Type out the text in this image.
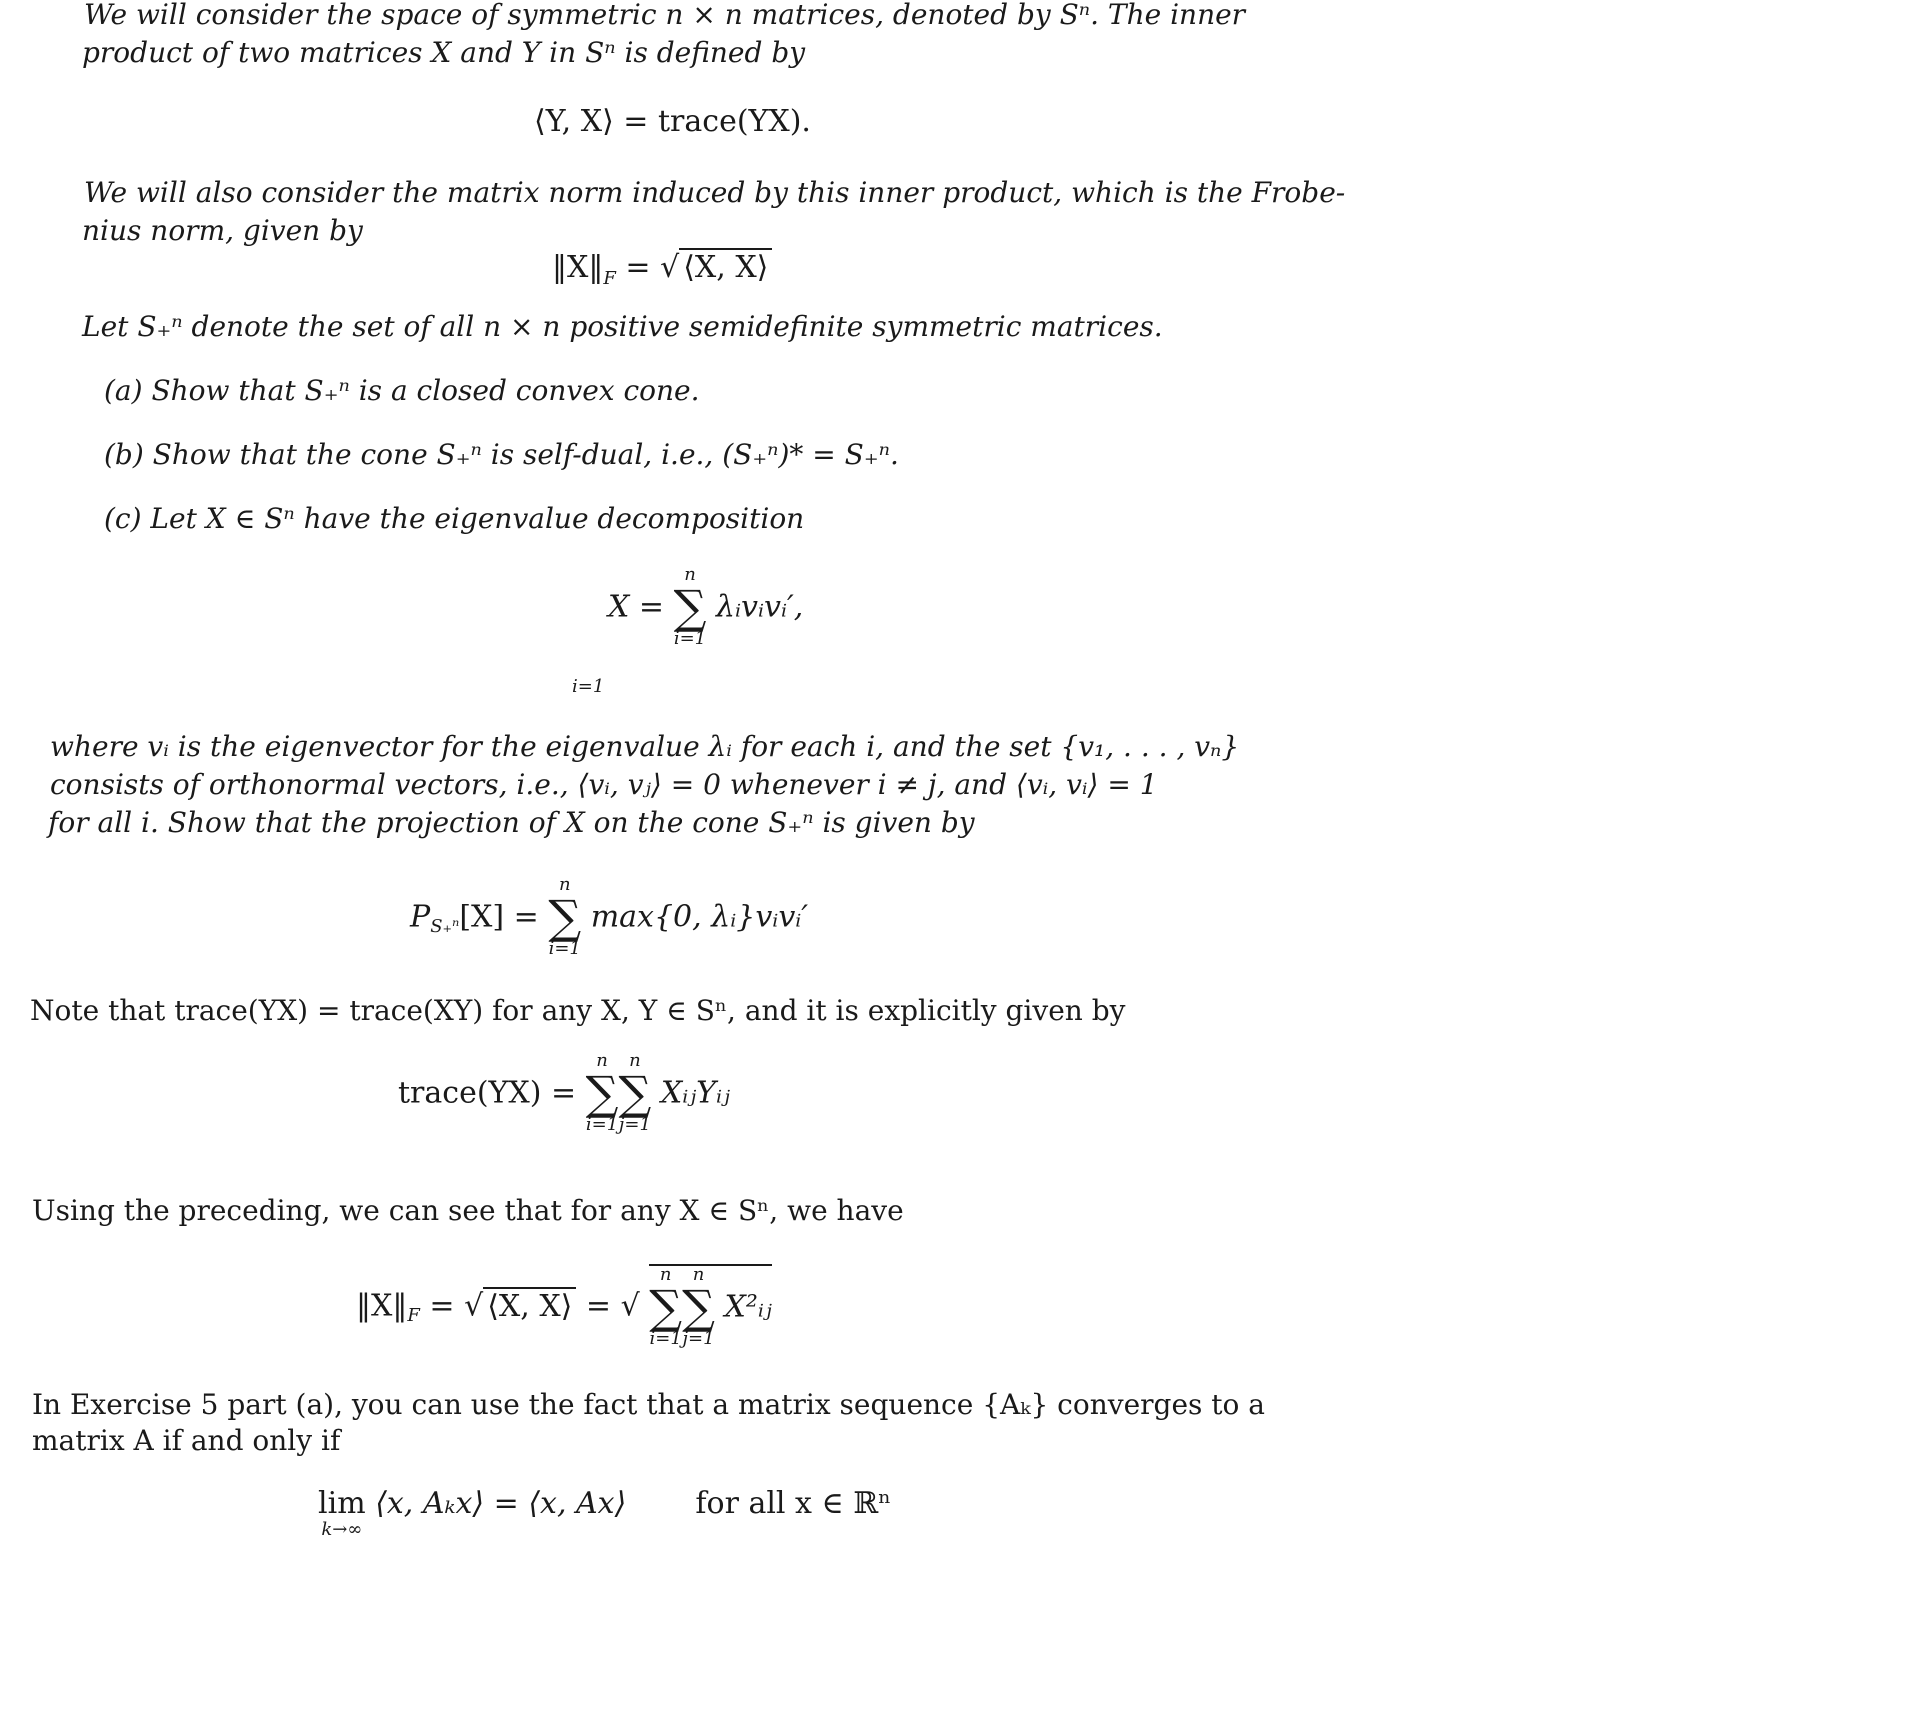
We will consider the space of symmetric n × n matrices, denoted by Sⁿ. The inner
product of two matrices X and Y in Sⁿ is defined by
⟨Y, X⟩ = trace(YX).
We will also consider the matrix norm induced by this inner product, which is the Frobe-
nius norm, given by
$‖X‖_F$ = √ ⟨X, X⟩
Let S₊ⁿ denote the set of all n × n positive semidefinite symmetric matrices.
(a) Show that S₊ⁿ is a closed convex cone.
(b) Show that the cone S₊ⁿ is self-dual, i.e., (S₊ⁿ)* = S₊ⁿ.
(c) Let X ∈ Sⁿ have the eigenvalue decomposition
X =
n
∑
i=1
λᵢvᵢvᵢ′,
i=1
where vᵢ is the eigenvector for the eigenvalue λᵢ for each i, and the set {v₁, . . . , vₙ}
consists of orthonormal vectors, i.e., ⟨vᵢ, vⱼ⟩ = 0 whenever i ≠ j, and ⟨vᵢ, vᵢ⟩ = 1
for all i. Show that the projection of X on the cone S₊ⁿ is given by
$P_{S_+^n}[X]$ =
n
∑
i=1
max{0, λᵢ}vᵢvᵢ′
Note that trace(YX) = trace(XY) for any X, Y ∈ Sⁿ, and it is explicitly given by
trace(YX) =
n
∑
i=1
n
∑
j=1
XᵢⱼYᵢⱼ
Using the preceding, we can see that for any X ∈ Sⁿ, we have
$‖X‖_F$ = √ ⟨X, X⟩ = √
n
∑
i=1
n
∑
j=1
X²ᵢⱼ
In Exercise 5 part (a), you can use the fact that a matrix sequence {Aₖ} converges to a
matrix A if and only if
lim
k→∞
⟨x, Aₖx⟩ = ⟨x, Ax⟩ for all x ∈ ℝⁿ
